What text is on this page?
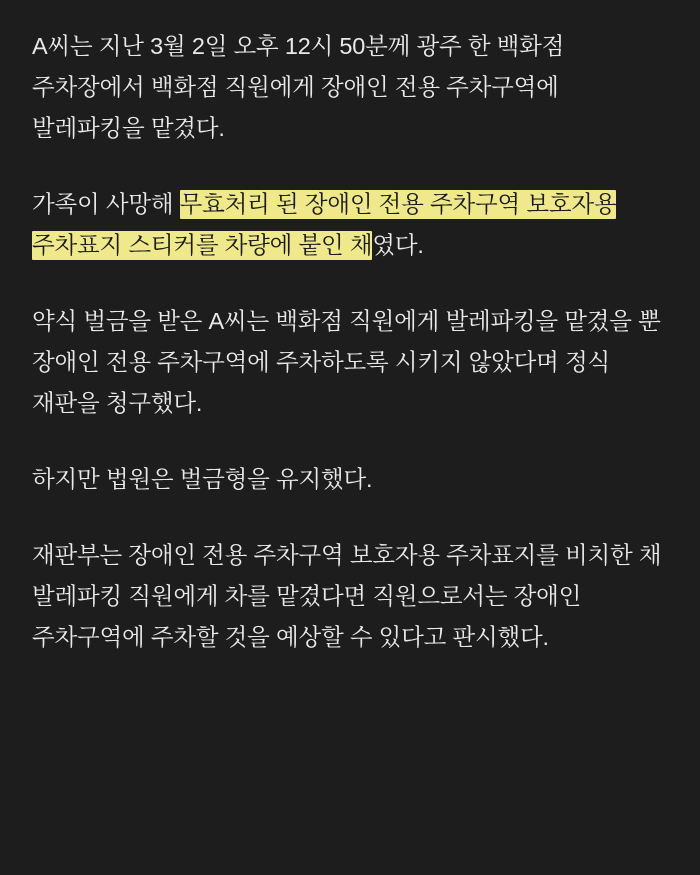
A씨는 지난 3월 2일 오후 12시 50분께 광주 한 백화점 주차장에서 백화점 직원에게 장애인 전용 주차구역에 발레파킹을 맡겼다.

가족이 사망해 무효처리 된 장애인 전용 주차구역 보호자용 주차표지 스티커를 차량에 붙인 채였다.

약식 벌금을 받은 A씨는 백화점 직원에게 발레파킹을 맡겼을 뿐 장애인 전용 주차구역에 주차하도록 시키지 않았다며 정식 재판을 청구했다.

하지만 법원은 벌금형을 유지했다.

재판부는 장애인 전용 주차구역 보호자용 주차표지를 비치한 채 발레파킹 직원에게 차를 맡겼다면 직원으로서는 장애인 주차구역에 주차할 것을 예상할 수 있다고 판시했다.
